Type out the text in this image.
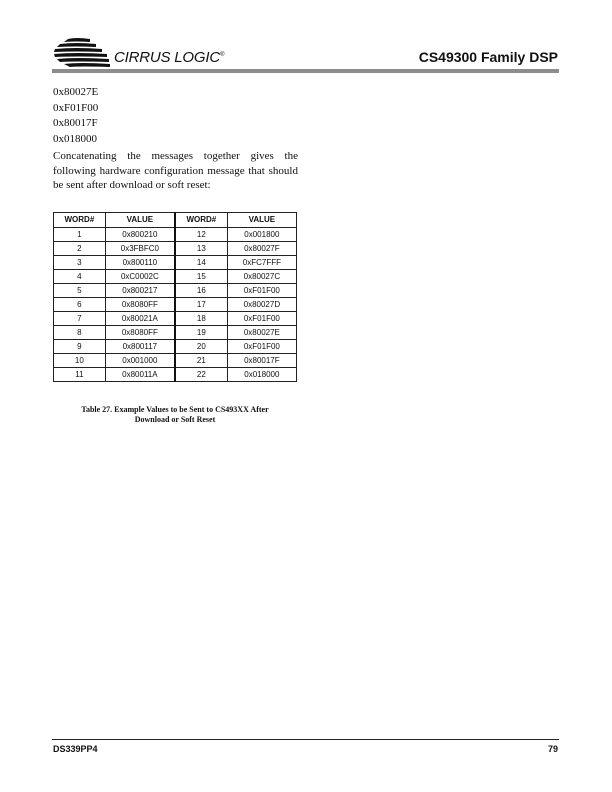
CIRRUS LOGIC®	CS49300 Family DSP
0x80027E
0xF01F00
0x80017F
0x018000

Concatenating the messages together gives the following hardware configuration message that should be sent after download or soft reset:

WORD#	VALUE	WORD#	VALUE
1	0x800210	12	0x001800
2	0x3FBFC0	13	0x80027F
3	0x800110	14	0xFC7FFF
4	0xC0002C	15	0x80027C
5	0x800217	16	0xF01F00
6	0x8080FF	17	0x80027D
7	0x80021A	18	0xF01F00
8	0x8080FF	19	0x80027E
9	0x800117	20	0xF01F00
10	0x001000	21	0x80017F
11	0x80011A	22	0x018000
Table 27. Example Values to be Sent to CS493XX After
Download or Soft Reset
DS339PP4	79
